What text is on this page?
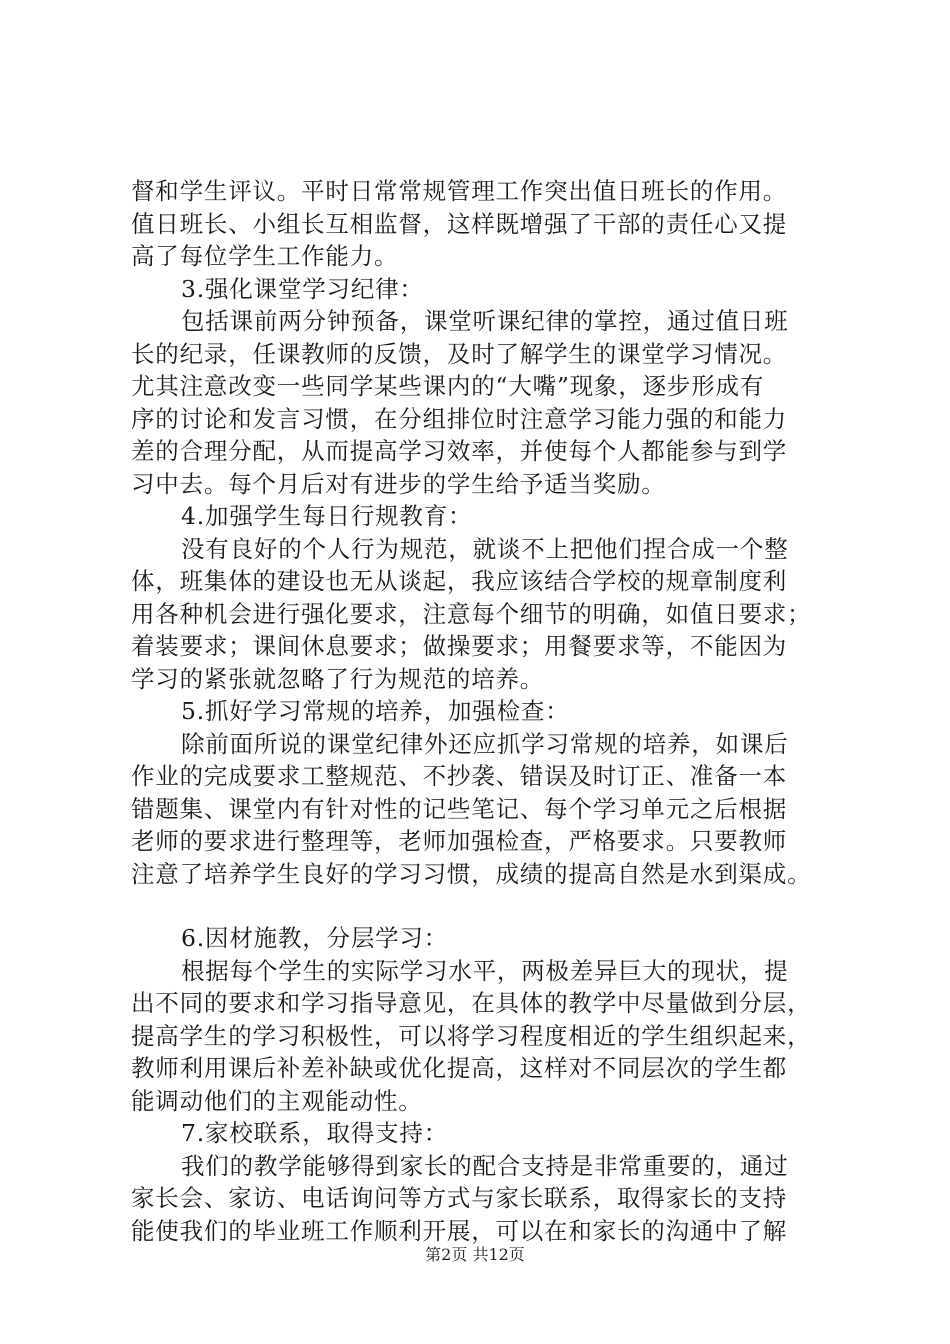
督和学生评议。平时日常常规管理工作突出值日班长的作用。
值日班长、小组长互相监督，这样既增强了干部的责任心又提
高了每位学生工作能力。
3.强化课堂学习纪律：
包括课前两分钟预备，课堂听课纪律的掌控，通过值日班
长的纪录，任课教师的反馈，及时了解学生的课堂学习情况。
尤其注意改变一些同学某些课内的“大嘴”现象，逐步形成有
序的讨论和发言习惯，在分组排位时注意学习能力强的和能力
差的合理分配，从而提高学习效率，并使每个人都能参与到学
习中去。每个月后对有进步的学生给予适当奖励。
4.加强学生每日行规教育：
没有良好的个人行为规范，就谈不上把他们捏合成一个整
体，班集体的建设也无从谈起，我应该结合学校的规章制度利
用各种机会进行强化要求，注意每个细节的明确，如值日要求；
着装要求；课间休息要求；做操要求；用餐要求等，不能因为
学习的紧张就忽略了行为规范的培养。
5.抓好学习常规的培养，加强检查：
除前面所说的课堂纪律外还应抓学习常规的培养，如课后
作业的完成要求工整规范、不抄袭、错误及时订正、准备一本
错题集、课堂内有针对性的记些笔记、每个学习单元之后根据
老师的要求进行整理等，老师加强检查，严格要求。只要教师
注意了培养学生良好的学习习惯，成绩的提高自然是水到渠成。
6.因材施教，分层学习：
根据每个学生的实际学习水平，两极差异巨大的现状，提
出不同的要求和学习指导意见，在具体的教学中尽量做到分层，
提高学生的学习积极性，可以将学习程度相近的学生组织起来，
教师利用课后补差补缺或优化提高，这样对不同层次的学生都
能调动他们的主观能动性。
7.家校联系，取得支持：
我们的教学能够得到家长的配合支持是非常重要的，通过
家长会、家访、电话询问等方式与家长联系，取得家长的支持
能使我们的毕业班工作顺利开展，可以在和家长的沟通中了解
第2页 共12页
